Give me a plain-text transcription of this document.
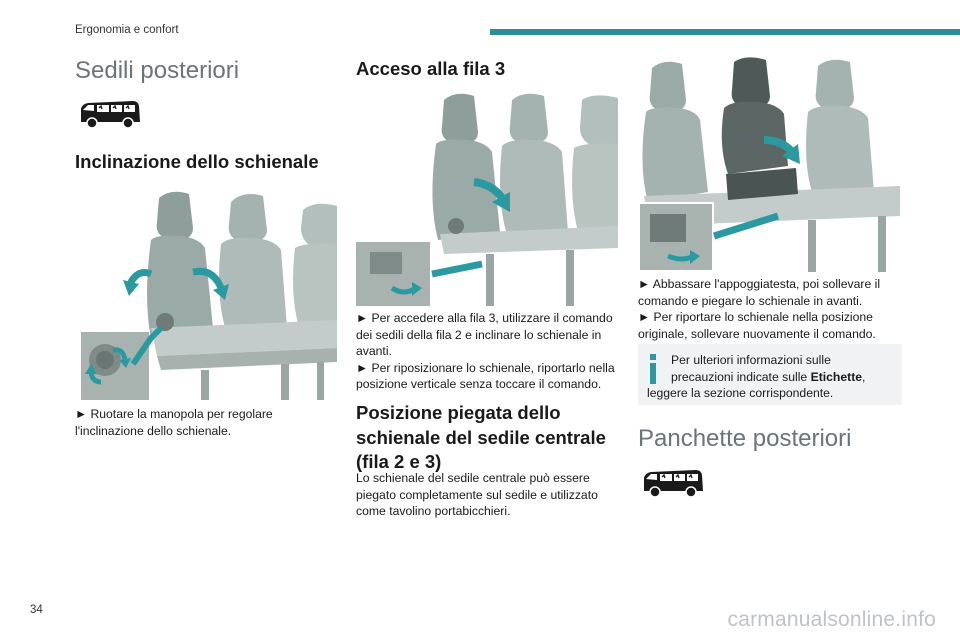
Ergonomia e confort
Sedili posteriori
Inclinazione dello schienale
► Ruotare la manopola per regolare l'inclinazione dello schienale.
Acceso alla fila 3

► Per accedere alla fila 3, utilizzare il comando dei sedili della fila 2 e inclinare lo schienale in avanti.

► Per riposizionare lo schienale, riportarlo nella posizione verticale senza toccare il comando.

Posizione piegata dello schienale del sedile centrale (fila 2 e 3)
Lo schienale del sedile centrale può essere piegato completamente sul sedile e utilizzato come tavolino portabicchieri.

► Abbassare l'appoggiatesta, poi sollevare il comando e piegare lo schienale in avanti.

► Per riportare lo schienale nella posizione originale, sollevare nuovamente il comando.

Per ulteriori informazioni sulle
precauzioni indicate sulle Etichette,
leggere la sezione corrispondente.
Panchette posteriori
34	carmanualsonline.info
